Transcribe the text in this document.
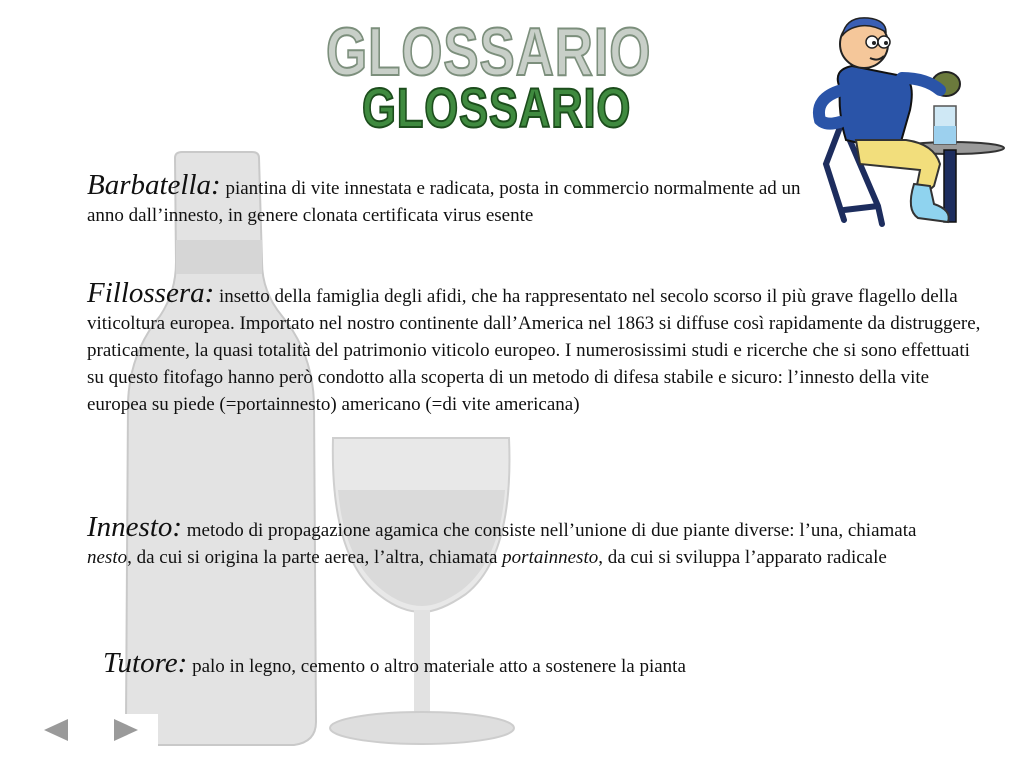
GLOSSARIO
GLOSSARIO
Barbatella: piantina di vite innestata e radicata, posta in commercio normalmente ad un anno dall’innesto, in genere clonata certificata virus esente
Fillossera: insetto della famiglia degli afidi, che ha rappresentato nel secolo scorso il più grave flagello della viticoltura europea. Importato nel nostro continente dall’America nel 1863 si diffuse così rapidamente da distruggere, praticamente, la quasi totalità del patrimonio viticolo europeo. I numerosissimi studi e ricerche che si sono effettuati su questo fitofago hanno però condotto alla scoperta di un metodo di difesa stabile e sicuro: l’innesto della vite europea su piede (=portainnesto) americano (=di vite americana)
Innesto: metodo di propagazione agamica che consiste nell’unione di due piante diverse: l’una, chiamata nesto, da cui si origina la parte aerea, l’altra, chiamata portainnesto, da cui si sviluppa l’apparato radicale
Tutore: palo in legno, cemento o altro materiale atto a sostenere la pianta
